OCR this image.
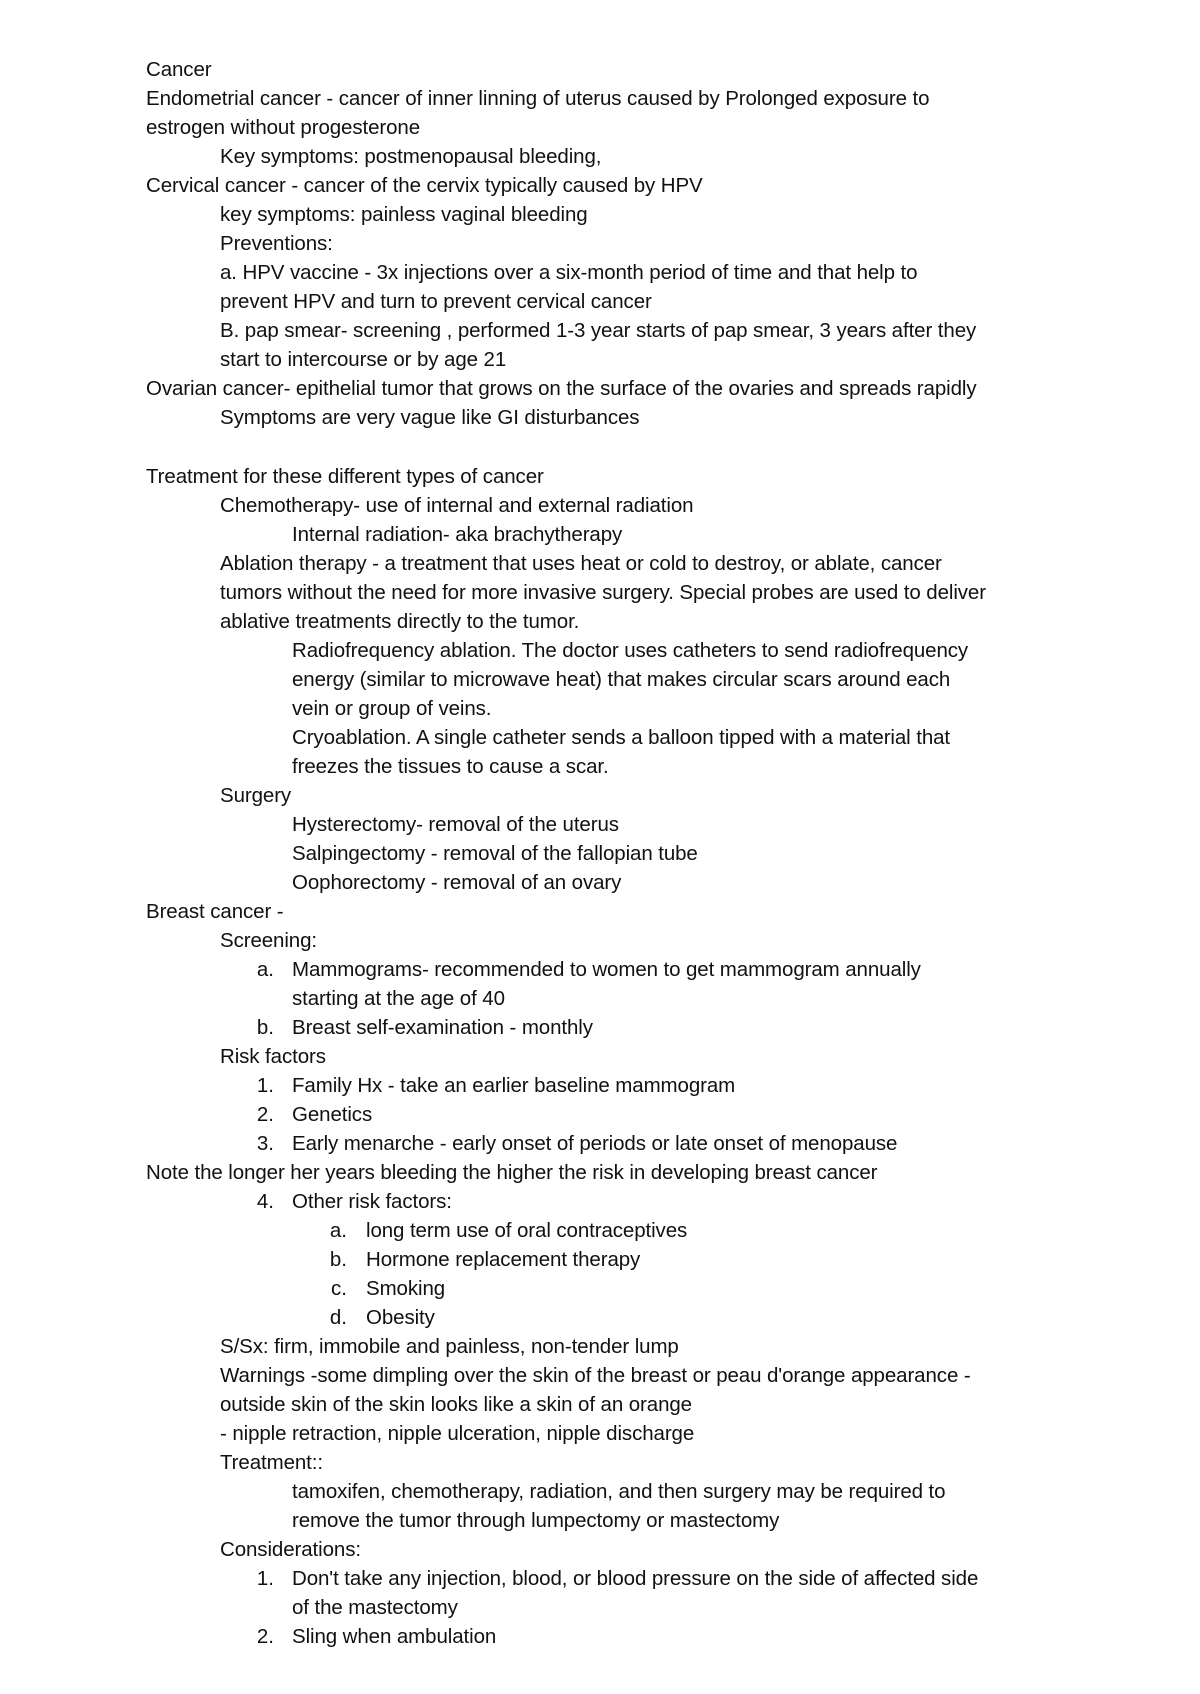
Cancer
Endometrial cancer - cancer of inner linning of uterus caused by Prolonged exposure to
estrogen without progesterone
Key symptoms: postmenopausal bleeding,
Cervical cancer - cancer of the cervix typically caused by HPV
key symptoms: painless vaginal bleeding
Preventions:
a. HPV vaccine - 3x injections over a six-month period of time and that help to
prevent HPV and turn to prevent cervical cancer
B. pap smear- screening , performed 1-3 year starts of pap smear, 3 years after they
start to intercourse or by age 21
Ovarian cancer- epithelial tumor that grows on the surface of the ovaries and spreads rapidly
Symptoms are very vague like GI disturbances
Treatment for these different types of cancer
Chemotherapy- use of internal and external radiation
Internal radiation- aka brachytherapy
Ablation therapy - a treatment that uses heat or cold to destroy, or ablate, cancer
tumors without the need for more invasive surgery. Special probes are used to deliver
ablative treatments directly to the tumor.
Radiofrequency ablation. The doctor uses catheters to send radiofrequency
energy (similar to microwave heat) that makes circular scars around each
vein or group of veins.
Cryoablation. A single catheter sends a balloon tipped with a material that
freezes the tissues to cause a scar.
Surgery
Hysterectomy- removal of the uterus
Salpingectomy - removal of the fallopian tube
Oophorectomy - removal of an ovary
Breast cancer -
Screening:
a. Mammograms- recommended to women to get mammogram annually
starting at the age of 40
b. Breast self-examination - monthly
Risk factors
1. Family Hx - take an earlier baseline mammogram
2. Genetics
3. Early menarche - early onset of periods or late onset of menopause
Note the longer her years bleeding the higher the risk in developing breast cancer
4. Other risk factors:
a. long term use of oral contraceptives
b. Hormone replacement therapy
c. Smoking
d. Obesity
S/Sx: firm, immobile and painless, non-tender lump
Warnings -some dimpling over the skin of the breast or peau d'orange appearance -
outside skin of the skin looks like a skin of an orange
- nipple retraction, nipple ulceration, nipple discharge
Treatment::
tamoxifen, chemotherapy, radiation, and then surgery may be required to
remove the tumor through lumpectomy or mastectomy
Considerations:
1. Don't take any injection, blood, or blood pressure on the side of affected side
of the mastectomy
2. Sling when ambulation
